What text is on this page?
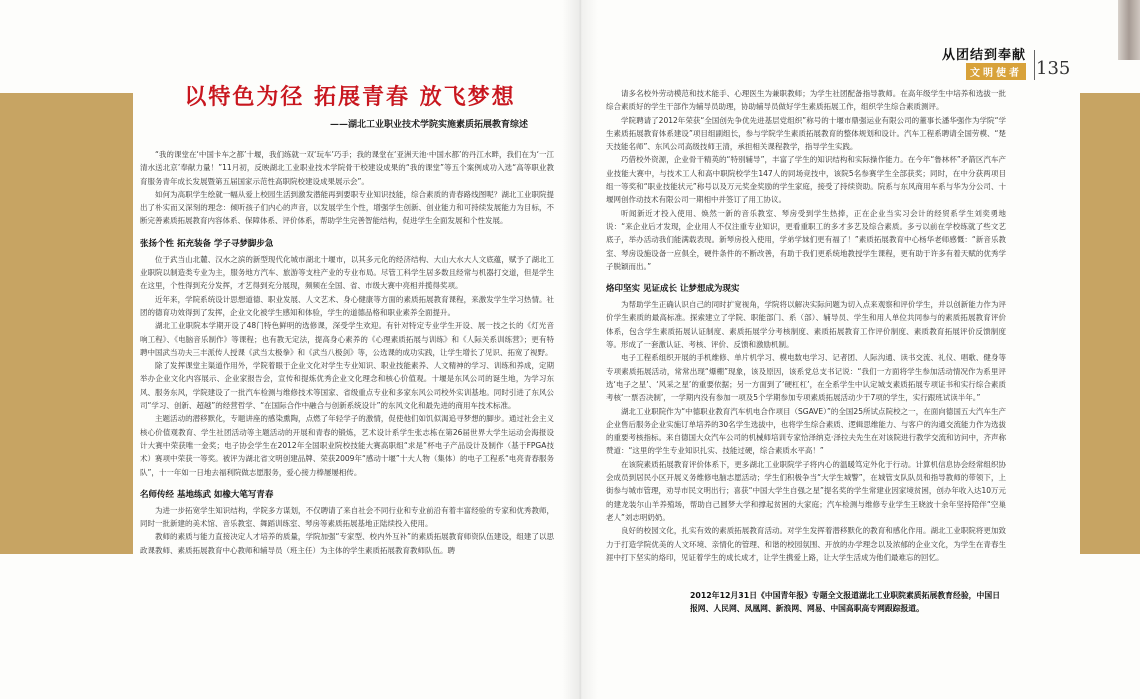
从团结到奉献
文明使者 135
以特色为径 拓展青春 放飞梦想
——湖北工业职业技术学院实施素质拓展教育综述

“我的课堂在‘中国卡车之都’十堰，我们练就一双‘玩车’巧手；我的课堂在‘亚洲天池·中国水都’的丹江水畔，我们在为‘一江清水送北京’奉献力量！”11月初，反映湖北工业职业技术学院骨干校建设成果的“我的课堂”等五个案例成功入选“高等职业教育服务青年成长发展暨第五届国家示范性高职院校建设成果展示会”。

如何为高职学生绘就一幅从爱上校园生活到激发潜能再到要职专业知识技能，综合素质的青春路线图呢？湖北工业职院提出了朴实而又深刻的理念：倾听孩子们内心的声音，以发展学生个性，增强学生创新、创业能力和可持续发展能力为目标，不断完善素质拓展教育内容体系、保障体系、评价体系，帮助学生完善智能结构，促进学生全面发展和个性发展。

张扬个性 拓充装备 学子寻梦脚步急

位于武当山北麓、汉水之滨的新型现代化城市湖北十堰市，以其多元化的经济结构、大山大水大人文底蕴，赋予了湖北工业职院以制造类专业为主，服务地方汽车、旅游等支柱产业的专业布局。尽管工科学生居多数且经常与机器打交道，但是学生在这里，个性得到充分发挥，才艺得到充分展现，频频在全国、省、市级大赛中亮相并揽得奖项。

近年来，学院系统设计思想道德、职业发展、人文艺术、身心健康等方面的素质拓展教育课程，来激发学生学习热情。社团的德育功效得到了发挥，企业文化被学生感知和体验，学生的道德品格和职业素养全面提升。

湖北工业职院本学期开设了48门特色鲜明的选修课，深受学生欢迎。有针对特定专业学生开设、展一技之长的《灯光音响工程》、《电脑音乐制作》等课程；也有教无定法，提高身心素养的《心理素质拓展与训练》和《人际关系训练营》；更有特聘中国武当功夫三丰派传人授课《武当太极拳》和《武当八极剑》等，公选课的成功实践，让学生增长了见识、拓宽了视野。

除了发挥课堂主渠道作用外，学院着眼于企业文化对学生专业知识、职业技能素养、人文精神的学习、训练和养成，定期举办企业文化内容展示、企业家报告会，宣传和提炼优秀企业文化理念和核心价值观。十堰是东风公司的诞生地，为学习东风、服务东风，学院建设了一批汽车检测与维修技术等国家、省级重点专业和多家东风公司校外实训基地。同时引进了东风公司“学习、创新、超越”的经营哲学、“在国际合作中融合与创新系统设计”的东风文化和最先进的商用车技术标准。

主题活动的潜移默化，专题讲座的感染熏陶，点燃了年轻学子的激情，促使他们如饥似渴追寻梦想的脚步。通过社会主义核心价值观教育、学生社团活动等主题活动的开展和青春的锻炼，艺术设计系学生张志栋在第26届世界大学生运动会海报设计大赛中荣获唯一金奖；电子协会学生在2012年全国职业院校技能大赛高职组“求是”杯电子产品设计及制作（基于FPGA技术）赛项中荣获一等奖。被评为湖北省文明创建品牌、荣获2009年“感动十堰”十大人物（集体）的电子工程系“电亮青春服务队”，十一年如一日地去福利院做志愿服务，爱心接力棒屡屡相传。

名师传经 基地练武 如橡大笔写青春

为进一步拓宽学生知识结构，学院多方谋划，不仅聘请了来自社会不同行业和专业前沿有着丰富经验的专家和优秀教师，同时一批新建的美术馆、音乐教室、舞蹈训练室、琴房等素质拓展基地正陆续投入使用。

教师的素质与能力直接决定人才培养的质量，学院加强“专家型、校内外互补”的素质拓展教育师资队伍建设，组建了以思政课教师、素质拓展教育中心教师和辅导员（班主任）为主体的学生素质拓展教育教师队伍。聘

请多名校外劳动模范和技术能手、心理医生为兼职教师；为学生社团配备指导教师。在高年级学生中培养和选拔一批综合素质好的学生干部作为辅导员助理，协助辅导员做好学生素质拓展工作，组织学生综合素质测评。

学院聘请了2012年荣获“全国创先争优先进基层党组织”称号的十堰市鼎强运业有限公司的董事长潘华强作为学院“学生素质拓展教育体系建设”项目组副组长，参与学院学生素质拓展教育的整体规划和设计。汽车工程系聘请全国劳模、“楚天技能名师”、东风公司高级技师王清，承担相关课程教学，指导学生实践。

巧借校外资源，企业骨干精英的“特别辅导”，丰富了学生的知识结构和实际操作能力。在今年“鲁林杯”矛箭区汽车产业技能大赛中，与技术工人和高中职院校学生147人的同场竞技中，该院5名参赛学生全部获奖；同时，在中分获两项目组一等奖和“职业技能状元”称号以及万元奖金奖励的学生家庭，接受了持续资助。院系与东风商用车系与华为分公司、十堰网创作动技术有限公司一期相中并签订了用工协议。

听闻新近才投入使用、焕然一新的音乐教室、琴房受到学生热捧，正在企业当实习会计的经贸系学生刘奕勇地说：“来企业后才发现，企业用人不仅注重专业知识，更看重职工的多才多艺及综合素质。多亏以前在学校练就了些文艺底子，举办活动我们能满载表现。新琴房投入使用，学弟学妹们更有福了！”素质拓展教育中心杨华老师感慨：“新音乐教室、琴房设施设备一应俱全，硬件条件的不断改善，有助于我们更系统地教授学生课程，更有助于许多有着天赋的优秀学子脱颖而出。”

烙印坚实 见证成长 让梦想成为现实

为帮助学生正确认识自己的同时扩宽视角，学院将以解决实际问题为切入点来观察和评价学生，并以创新能力作为评价学生素质的最高标准。探索建立了学院、职能部门、系（部）、辅导员、学生和用人单位共同参与的素质拓展教育评价体系，包含学生素质拓展认证制度、素质拓展学分考核制度、素质拓展教育工作评价制度、素质教育拓展评价反馈制度等。形成了一套激认证、考核、评价、反馈和激励机制。

电子工程系组织开展的手机维修、单片机学习、模电数电学习、记者团、人际沟通、读书交流、礼仪、唱歌、健身等专项素质拓展活动，常常出现“爆棚”现象，该及原因，该系党总支书记说：“我们一方面将学生参加活动情况作为系里评选‘电子之星’、‘风采之星’的重要依据；另一方面到了‘硬杠杠’，在全系学生中认定城支素质拓展专项证书和实行综合素质考核‘一票否决制’，一学期内没有参加一项及5个学期参加专项素质拓展活动少于7项的学生，实行跟班试读半年。”

湖北工业职院作为“中德职业教育汽车机电合作项目（SGAVE）”的全国25所试点院校之一，在面向德国五大汽车生产企业售后服务企业实施订单培养的30名学生选拔中，也将学生综合素质、逻辑思维能力、与客户的沟通交流能力作为选拔的重要考核指标。来自德国大众汽车公司的机械师培训专家恰泽纳克·泽拉夫先生在对该院进行教学交流和访问中，齐声称赞道：“这里的学生专业知识扎实、技能过硬，综合素质水平高！”

在该院素质拓展教育评价体系下，更多湖北工业职院学子将内心的温暖笃定外化于行动。计算机信息协会经常组织协会成员到居民小区开展义务维修电脑志愿活动；学生们积极争当“大学生城警”，在城管支队队员和指导教师的带领下，上街参与城市管理，劝导市民文明出行；喜获“中国大学生自强之星”提名奖的学生常建业因家境贫困，创办年收入达10万元的建龙装尔山羊养殖场，帮助自己圆梦大学和撑起贫困的大家庭；汽车检测与维修专业学生王晓波十余年坚持陪伴“空巢老人”刘志明奶奶。

良好的校园文化，扎实有效的素质拓展教育活动。对学生发挥着潜移默化的教育和感化作用。湖北工业职院将更加致力于打造学院优美的人文环境、亲情化的管理、和谐的校园氛围、开放的办学理念以及浓郁的企业文化，为学生在青春生涯中打下坚实的烙印，见证着学生的成长成才，让学生携爱上路，让大学生活成为他们最难忘的回忆。

2012年12月31日《中国青年报》专题全文报道湖北工业职院素质拓展教育经验，中国日报网、人民网、凤凰网、新浪网、网易、中国高职高专网跟踪报道。
